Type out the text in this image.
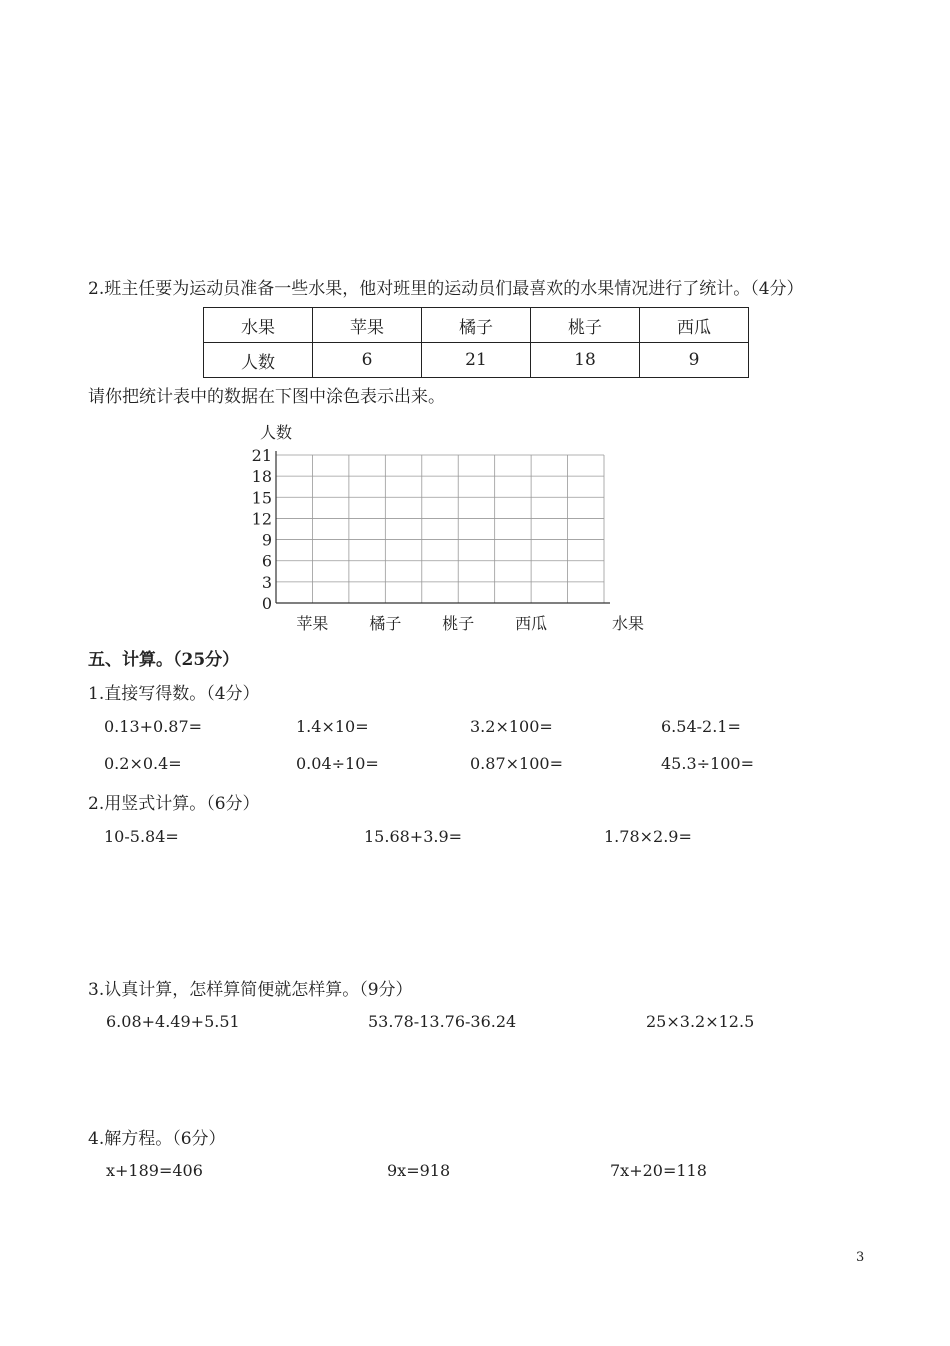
2.班主任要为运动员准备一些水果，他对班里的运动员们最喜欢的水果情况进行了统计。（4分）
水果	苹果	橘子	桃子	西瓜
人数	6	21	18	9
请你把统计表中的数据在下图中涂色表示出来。
21
18
15
12
9
6
3
0
苹果	橘子	桃子	西瓜
人数
水果
五、计算。（25分）
1.直接写得数。（4分）
0.13+0.87=	1.4×10=	3.2×100=	6.54-2.1=
0.2×0.4=	0.04÷10=	0.87×100=	45.3÷100=
2.用竖式计算。（6分）
10-5.84=	15.68+3.9=	1.78×2.9=
3.认真计算，怎样算简便就怎样算。（9分）
6.08+4.49+5.51	53.78-13.76-36.24	25×3.2×12.5
4.解方程。（6分）
x+189=406	9x=918	7x+20=118
3
